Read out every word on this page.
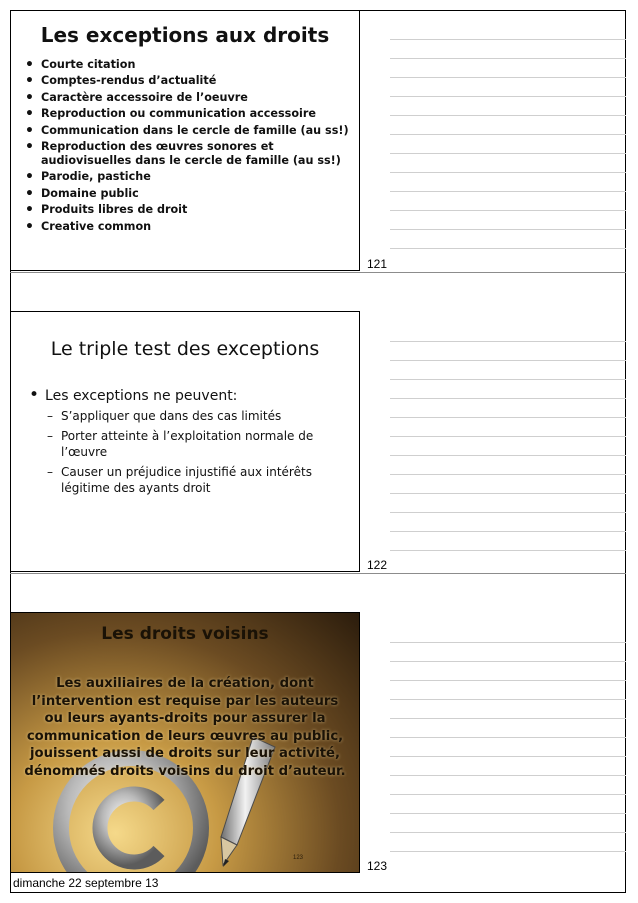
Les exceptions aux droits
• Courte citation
• Comptes-rendus d’actualité
• Caractère accessoire de l’oeuvre
• Reproduction ou communication accessoire
• Communication dans le cercle de famille (au ss!)
• Reproduction des œuvres sonores et audiovisuelles dans le cercle de famille (au ss!)
• Parodie, pastiche
• Domaine public
• Produits libres de droit
• Creative common
121
Le triple test des exceptions
• Les exceptions ne peuvent:
– S’appliquer que dans des cas limités
– Porter atteinte à l’exploitation normale de l’œuvre
– Causer un préjudice injustifié aux intérêts légitime des ayants droit
122
Les droits voisins
Les auxiliaires de la création, dont l’intervention est requise par les auteurs ou leurs ayants-droits pour assurer la communication de leurs œuvres au public, jouissent aussi de droits sur leur activité, dénommés droits voisins du droit d’auteur.
123
123
dimanche 22 septembre 13
